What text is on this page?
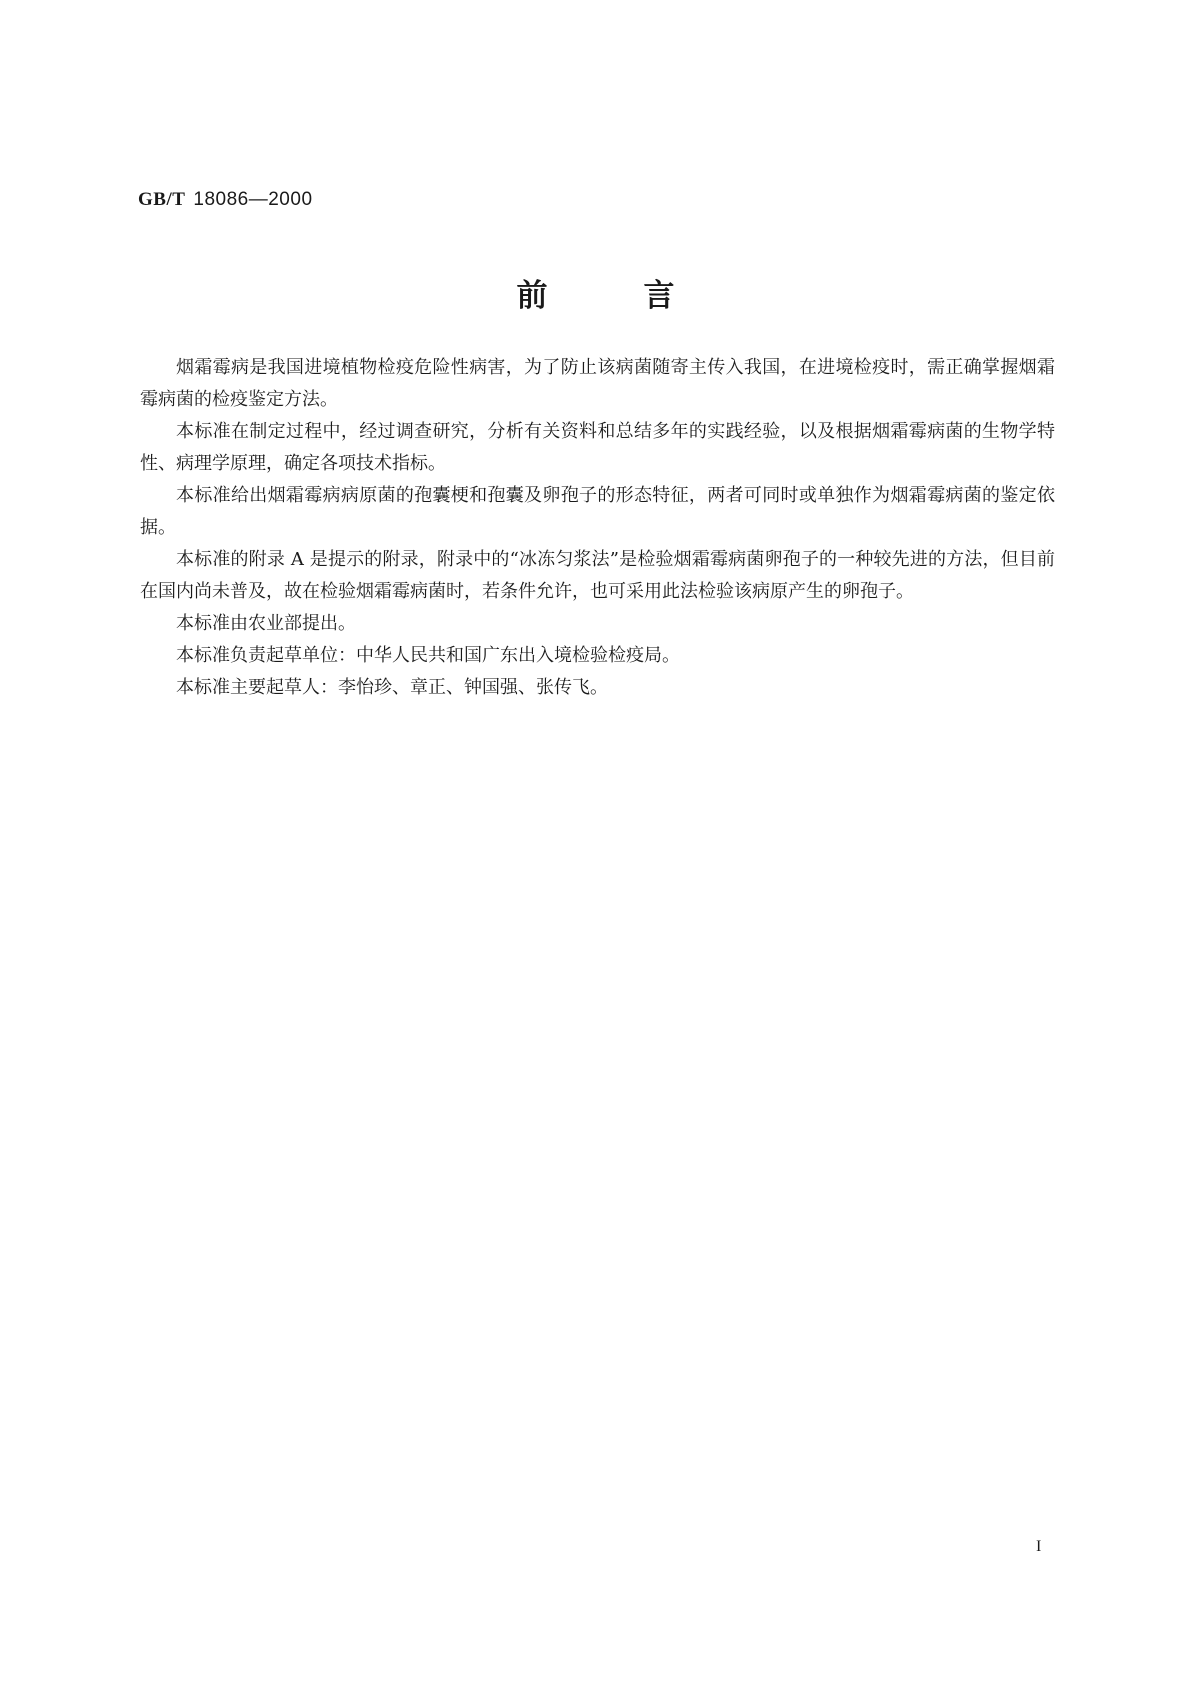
GB/T 18086—2000
前	言

烟霜霉病是我国进境植物检疫危险性病害，为了防止该病菌随寄主传入我国，在进境检疫时，需正确掌握烟霜霉病菌的检疫鉴定方法。

本标准在制定过程中，经过调查研究，分析有关资料和总结多年的实践经验，以及根据烟霜霉病菌的生物学特性、病理学原理，确定各项技术指标。

本标准给出烟霜霉病病原菌的孢囊梗和孢囊及卵孢子的形态特征，两者可同时或单独作为烟霜霉病菌的鉴定依据。

本标准的附录 A 是提示的附录，附录中的“冰冻匀浆法”是检验烟霜霉病菌卵孢子的一种较先进的方法，但目前在国内尚未普及，故在检验烟霜霉病菌时，若条件允许，也可采用此法检验该病原产生的卵孢子。

本标准由农业部提出。

本标准负责起草单位：中华人民共和国广东出入境检验检疫局。

本标准主要起草人：李怡珍、章正、钟国强、张传飞。

I
